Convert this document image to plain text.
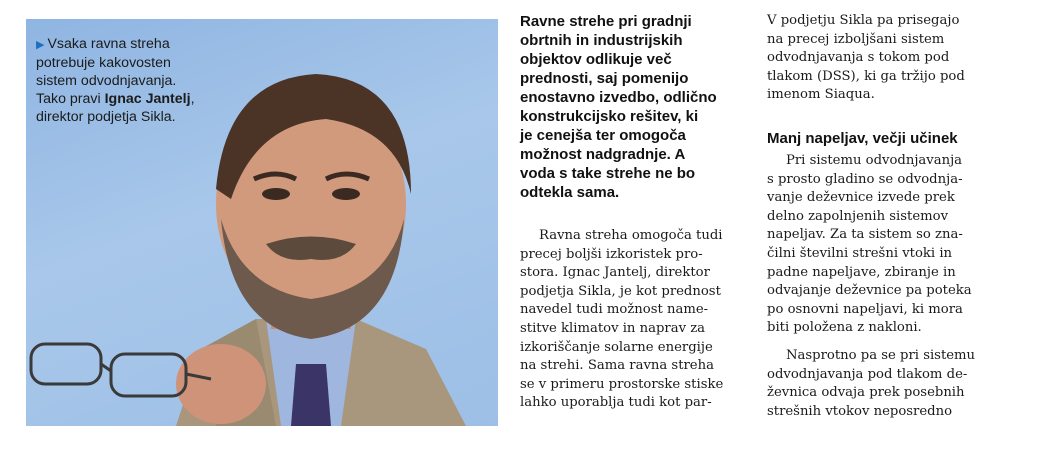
▶ Vsaka ravna streha potrebuje kakovosten sistem odvodnjavanja. Tako pravi Ignac Jantelj, direktor podjetja Sikla.
Ravne strehe pri gradnji
obrtnih in industrijskih
objektov odlikuje več
prednosti, saj pomenijo
enostavno izvedbo, odlično
konstrukcijsko rešitev, ki
je cenejša ter omogoča
možnost nadgradnje. A
voda s take strehe ne bo
odtekla sama.
Ravna streha omogoča tudi
precej boljši izkoristek pro-
stora. Ignac Jantelj, direktor
podjetja Sikla, je kot prednost
navedel tudi možnost name-
stitve klimatov in naprav za
izkoriščanje solarne energije
na strehi. Sama ravna streha
se v primeru prostorske stiske
lahko uporablja tudi kot par-
V podjetju Sikla pa prisegajo
na precej izboljšani sistem
odvodnjavanja s tokom pod
tlakom (DSS), ki ga tržijo pod
imenom Siaqua.
Manj napeljav, večji učinek
Pri sistemu odvodnjavanja
s prosto gladino se odvodnja-
vanje deževnice izvede prek
delno zapolnjenih sistemov
napeljav. Za ta sistem so zna-
čilni številni strešni vtoki in
padne napeljave, zbiranje in
odvajanje deževnice pa poteka
po osnovni napeljavi, ki mora
biti položena z nakloni.
Nasprotno pa se pri sistemu
odvodnjavanja pod tlakom de-
ževnica odvaja prek posebnih
strešnih vtokov neposredno
